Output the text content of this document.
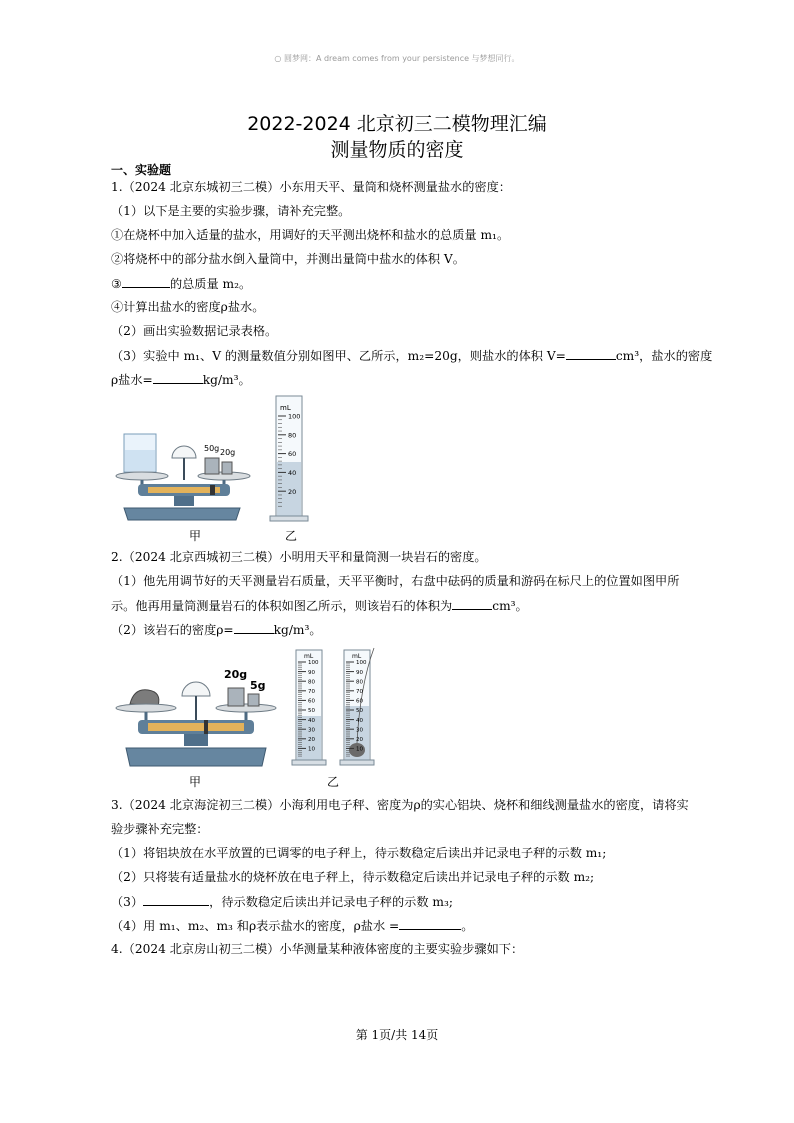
○ 圆梦网：A dream comes from your persistence 与梦想同行。
2022-2024 北京初三二模物理汇编
测量物质的密度
一、实验题
1.（2024 北京东城初三二模）小东用天平、量筒和烧杯测量盐水的密度：
（1）以下是主要的实验步骤，请补充完整。
①在烧杯中加入适量的盐水，用调好的天平测出烧杯和盐水的总质量 m₁。
②将烧杯中的部分盐水倒入量筒中，并测出量筒中盐水的体积 V。
③	的总质量 m₂。
④计算出盐水的密度ρ盐水。
（2）画出实验数据记录表格。
（3）实验中 m₁、V 的测量数值分别如图甲、乙所示，m₂=20g，则盐水的体积 V=	cm³，盐水的密度
ρ盐水=	kg/m³。
50g 20g
mL
100
80
60
40
20
甲	乙
2.（2024 北京西城初三二模）小明用天平和量筒测一块岩石的密度。
（1）他先用调节好的天平测量岩石质量，天平平衡时，右盘中砝码的质量和游码在标尺上的位置如图甲所
示。他再用量筒测量岩石的体积如图乙所示，则该岩石的体积为	cm³。
（2）该岩石的密度ρ=	kg/m³。
20g
5g
mL
100
90
80
70
60
50
40
30
20
10
mL
100
90
80
70
60
50
40
30
20
10
甲	乙
3.（2024 北京海淀初三二模）小海利用电子秤、密度为ρ的实心铝块、烧杯和细线测量盐水的密度，请将实
验步骤补充完整：
（1）将铝块放在水平放置的已调零的电子秤上，待示数稳定后读出并记录电子秤的示数 m₁;
（2）只将装有适量盐水的烧杯放在电子秤上，待示数稳定后读出并记录电子秤的示数 m₂;
（3）	，待示数稳定后读出并记录电子秤的示数 m₃;
（4）用 m₁、m₂、m₃ 和ρ表示盐水的密度，ρ盐水 =	。
4.（2024 北京房山初三二模）小华测量某种液体密度的主要实验步骤如下：
第 1页/共 14页
